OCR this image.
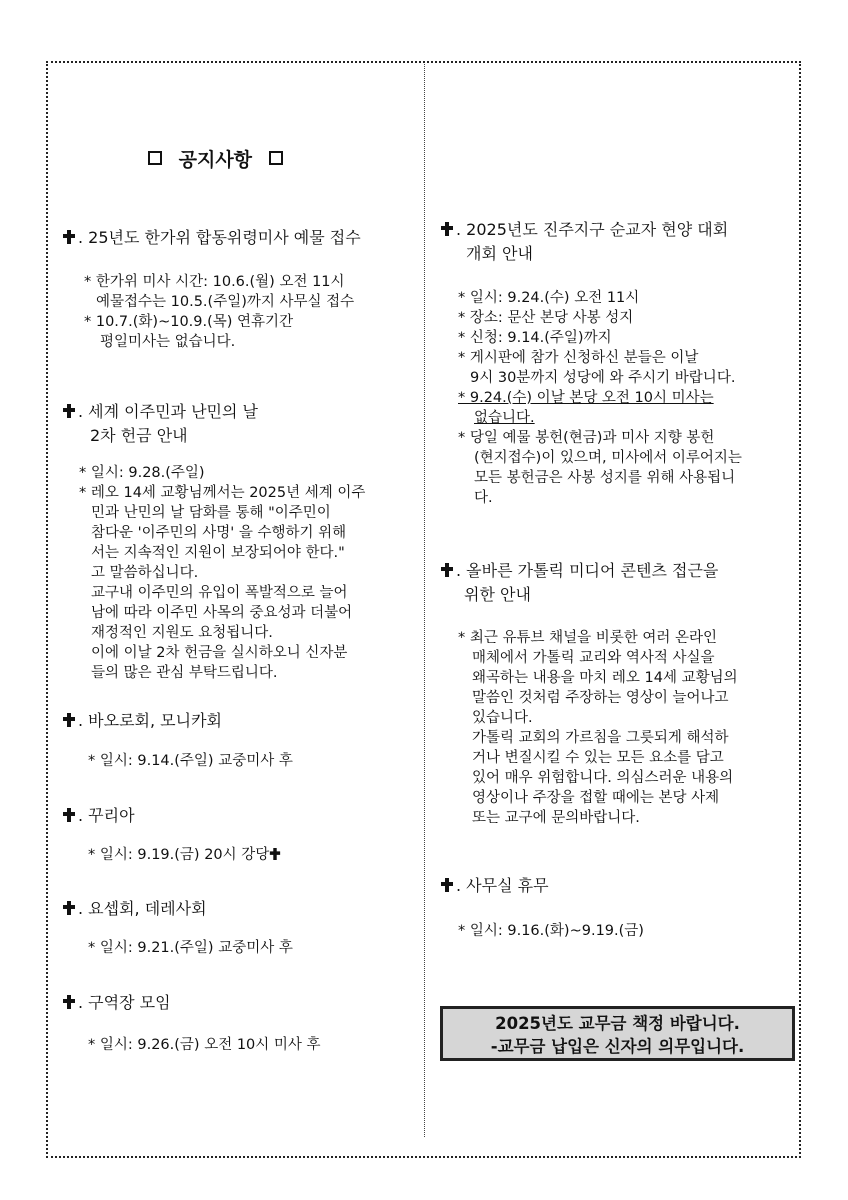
공지사항
. 25년도 한가위 합동위령미사 예물 접수
* 한가위 미사 시간: 10.6.(월) 오전 11시
예물접수는 10.5.(주일)까지 사무실 접수
* 10.7.(화)~10.9.(목) 연휴기간
평일미사는 없습니다.
. 세계 이주민과 난민의 날
2차 헌금 안내
* 일시: 9.28.(주일)
* 레오 14세 교황님께서는 2025년 세계 이주
민과 난민의 날 담화를 통해 "이주민이
참다운 '이주민의 사명' 을 수행하기 위해
서는 지속적인 지원이 보장되어야 한다."
고 말씀하십니다.
교구내 이주민의 유입이 폭발적으로 늘어
남에 따라 이주민 사목의 중요성과 더불어
재정적인 지원도 요청됩니다.
이에 이날 2차 헌금을 실시하오니 신자분
들의 많은 관심 부탁드립니다.
. 바오로회, 모니카회
* 일시: 9.14.(주일) 교중미사 후
. 꾸리아
* 일시: 9.19.(금) 20시 강당
. 요셉회, 데레사회
* 일시: 9.21.(주일) 교중미사 후
. 구역장 모임
* 일시: 9.26.(금) 오전 10시 미사 후
. 2025년도 진주지구 순교자 현양 대회
개회 안내
* 일시: 9.24.(수) 오전 11시
* 장소: 문산 본당 사봉 성지
* 신청: 9.14.(주일)까지
* 게시판에 참가 신청하신 분들은 이날
9시 30분까지 성당에 와 주시기 바랍니다.
* 9.24.(수) 이날 본당 오전 10시 미사는
없습니다.
* 당일 예물 봉헌(현금)과 미사 지향 봉헌
(현지접수)이 있으며, 미사에서 이루어지는
모든 봉헌금은 사봉 성지를 위해 사용됩니
다.
. 올바른 가톨릭 미디어 콘텐츠 접근을
위한 안내
* 최근 유튜브 채널을 비롯한 여러 온라인
매체에서 가톨릭 교리와 역사적 사실을
왜곡하는 내용을 마치 레오 14세 교황님의
말씀인 것처럼 주장하는 영상이 늘어나고
있습니다.
가톨릭 교회의 가르침을 그릇되게 해석하
거나 변질시킬 수 있는 모든 요소를 담고
있어 매우 위험합니다. 의심스러운 내용의
영상이나 주장을 접할 때에는 본당 사제
또는 교구에 문의바랍니다.
. 사무실 휴무
* 일시: 9.16.(화)~9.19.(금)
2025년도 교무금 책정 바랍니다.
-교무금 납입은 신자의 의무입니다.
